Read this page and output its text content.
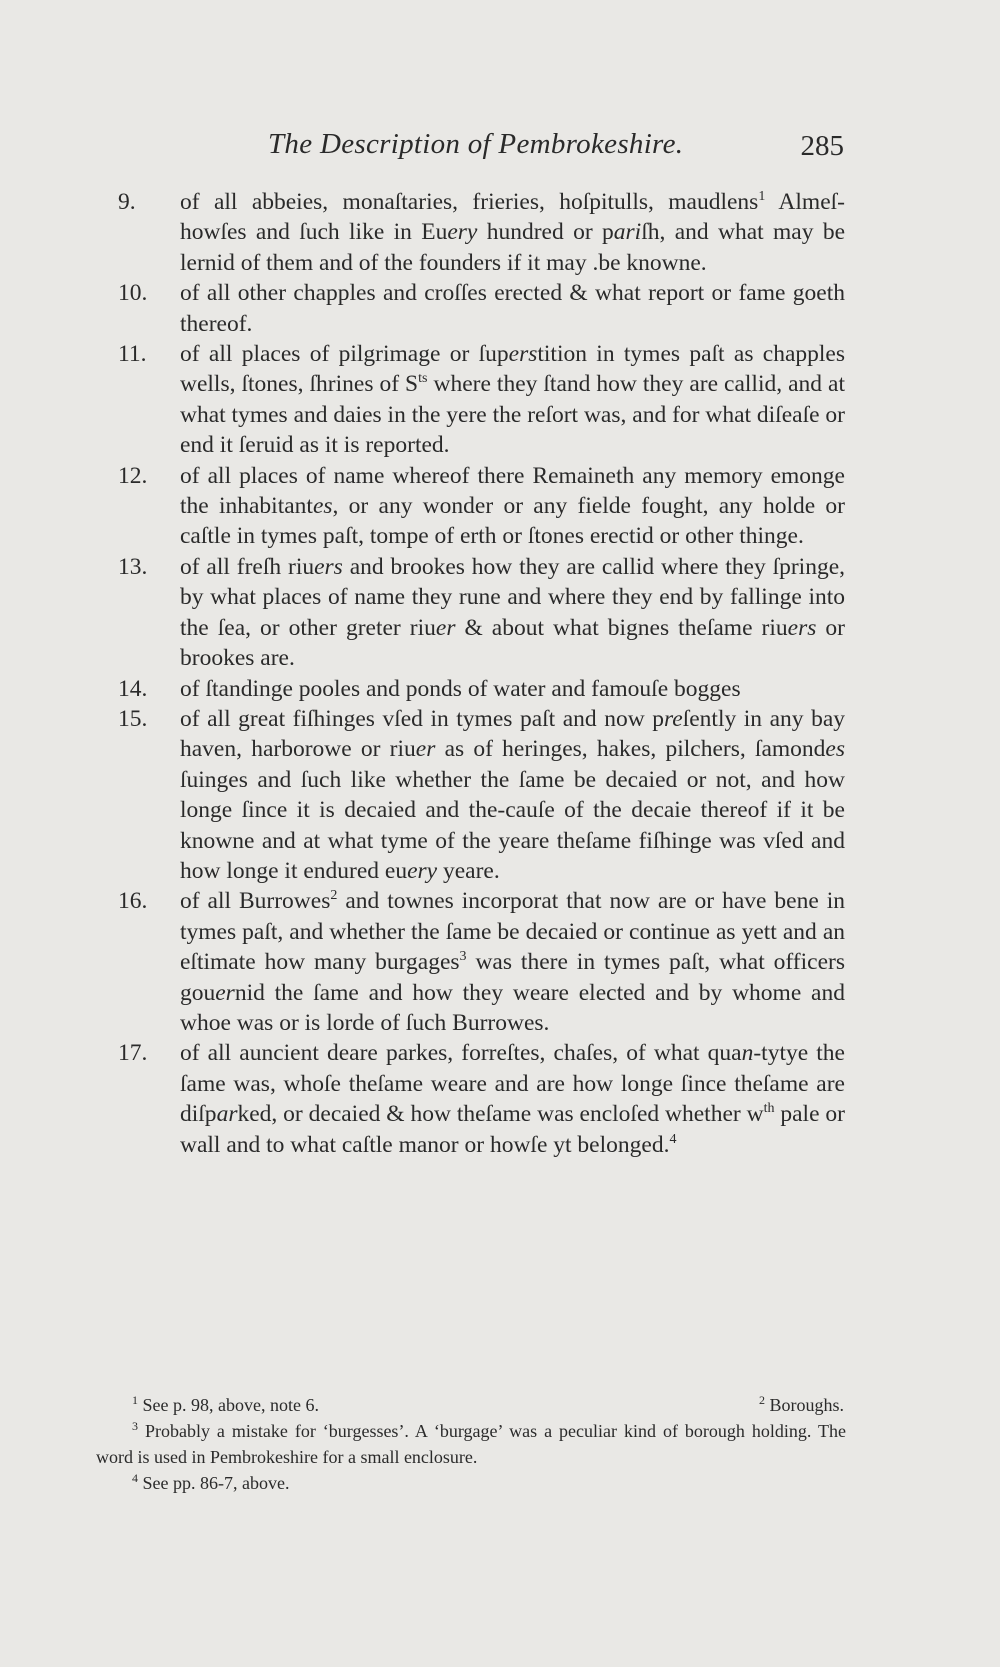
The Description of Pembrokeshire.	285
9. of all abbeies, monaſtaries, frieries, hoſpitulls, maudlens$^1$ Almeſ-howſes and ſuch like in Euery hundred or pariſh, and what may be lernid of them and of the founders if it may .be knowne.
10. of all other chapples and croſſes erected & what report or fame goeth thereof.
11. of all places of pilgrimage or ſuperstition in tymes paſt as chapples wells, ſtones, ſhrines of S$^{ts}$ where they ſtand how they are callid, and at what tymes and daies in the yere the reſort was, and for what diſeaſe or end it ſeruid as it is reported.
12. of all places of name whereof there Remaineth any memory emonge the inhabitantes, or any wonder or any fielde fought, any holde or caſtle in tymes paſt, tompe of erth or ſtones erectid or other thinge.
13. of all freſh riuers and brookes how they are callid where they ſpringe, by what places of name they rune and where they end by fallinge into the ſea, or other greter riuer & about what bignes theſame riuers or brookes are.
14. of ſtandinge pooles and ponds of water and famouſe bogges
15. of all great fiſhinges vſed in tymes paſt and now preſently in any bay haven, harborowe or riuer as of heringes, hakes, pilchers, ſamondes ſuinges and ſuch like whether the ſame be decaied or not, and how longe ſince it is decaied and the-cauſe of the decaie thereof if it be knowne and at what tyme of the yeare theſame fiſhinge was vſed and how longe it endured euery yeare.
16. of all Burrowes$^2$ and townes incorporat that now are or have bene in tymes paſt, and whether the ſame be decaied or continue as yett and an eſtimate how many burgages$^3$ was there in tymes paſt, what officers gouernid the ſame and how they weare elected and by whome and whoe was or is lorde of ſuch Burrowes.
17. of all auncient deare parkes, forreſtes, chaſes, of what quan-tytye the ſame was, whoſe theſame weare and are how longe ſince theſame are diſparked, or decaied & how theſame was encloſed whether w$^{th}$ pale or wall and to what caſtle manor or howſe yt belonged.$^4$
$^1$ See p. 98, above, note 6.	$^2$ Boroughs.
$^3$ Probably a mistake for ‘burgesses’. A ‘burgage’ was a peculiar kind of borough holding. The word is used in Pembrokeshire for a small enclosure.
$^4$ See pp. 86-7, above.
